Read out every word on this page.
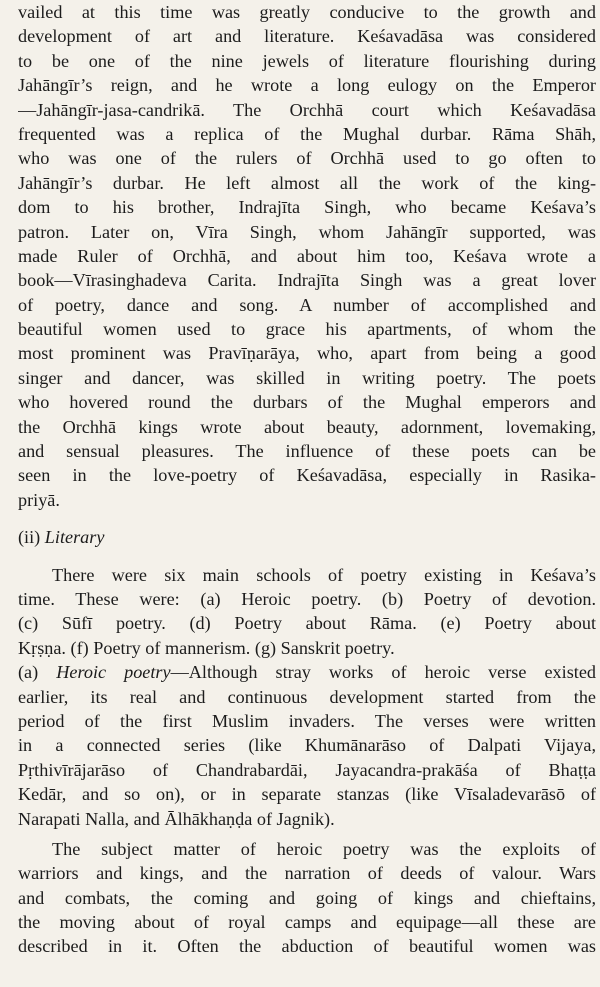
vailed at this time was greatly conducive to the growth and
development of art and literature. Keśavadāsa was considered
to be one of the nine jewels of literature flourishing during
Jahāngīr’s reign, and he wrote a long eulogy on the Emperor
—Jahāngīr-jasa-candrikā. The Orchhā court which Keśavadāsa
frequented was a replica of the Mughal durbar. Rāma Shāh,
who was one of the rulers of Orchhā used to go often to
Jahāngīr’s durbar. He left almost all the work of the king-
dom to his brother, Indrajīta Singh, who became Keśava’s
patron. Later on, Vīra Singh, whom Jahāngīr supported, was
made Ruler of Orchhā, and about him too, Keśava wrote a
book—Vīrasinghadeva Carita. Indrajīta Singh was a great lover
of poetry, dance and song. A number of accomplished and
beautiful women used to grace his apartments, of whom the
most prominent was Pravīṇarāya, who, apart from being a good
singer and dancer, was skilled in writing poetry. The poets
who hovered round the durbars of the Mughal emperors and
the Orchhā kings wrote about beauty, adornment, lovemaking,
and sensual pleasures. The influence of these poets can be
seen in the love-poetry of Keśavadāsa, especially in Rasika-
priyā.
(ii) Literary
There were six main schools of poetry existing in Keśava’s
time. These were: (a) Heroic poetry. (b) Poetry of devotion.
(c) Sūfī poetry. (d) Poetry about Rāma. (e) Poetry about
Kṛṣṇa. (f) Poetry of mannerism. (g) Sanskrit poetry.
(a) Heroic poetry—Although stray works of heroic verse existed
earlier, its real and continuous development started from the
period of the first Muslim invaders. The verses were written
in a connected series (like Khumānarāso of Dalpati Vijaya,
Pṛthivīrājarāso of Chandrabardāi, Jayacandra-prakāśa of Bhaṭṭa
Kedār, and so on), or in separate stanzas (like Vīsaladevarāsō of
Narapati Nalla, and Ālhākhaṇḍa of Jagnik).
The subject matter of heroic poetry was the exploits of
warriors and kings, and the narration of deeds of valour. Wars
and combats, the coming and going of kings and chieftains,
the moving about of royal camps and equipage—all these are
described in it. Often the abduction of beautiful women was
